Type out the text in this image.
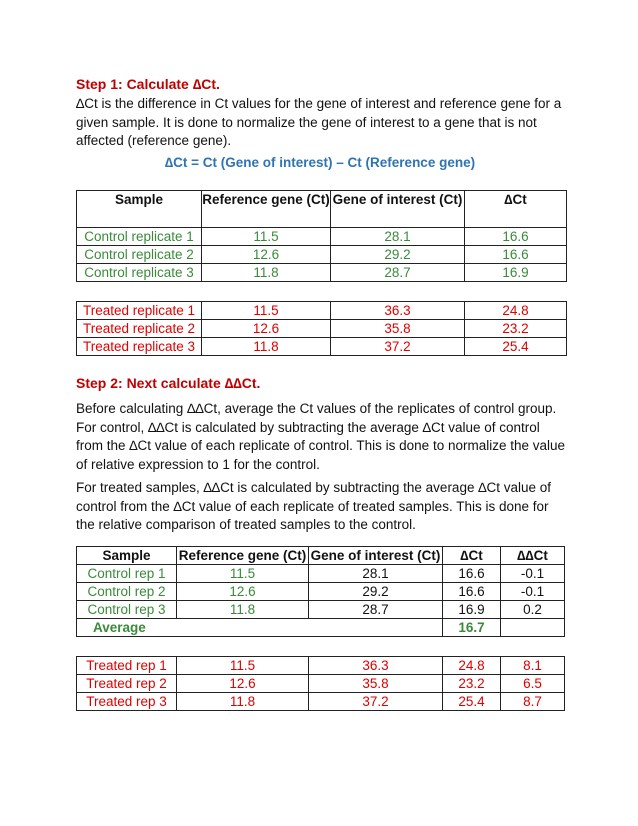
Step 1: Calculate ∆Ct.
∆Ct is the difference in Ct values for the gene of interest and reference gene for a given sample. It is done to normalize the gene of interest to a gene that is not affected (reference gene).
∆Ct = Ct (Gene of interest) – Ct (Reference gene)
Sample	Reference gene (Ct)	Gene of interest (Ct)	∆Ct
Control replicate 1	11.5	28.1	16.6
Control replicate 2	12.6	29.2	16.6
Control replicate 3	11.8	28.7	16.9
Treated replicate 1	11.5	36.3	24.8
Treated replicate 2	12.6	35.8	23.2
Treated replicate 3	11.8	37.2	25.4
Step 2: Next calculate ∆∆Ct.
Before calculating ∆∆Ct, average the Ct values of the replicates of control group. For control, ∆∆Ct is calculated by subtracting the average ∆Ct value of control from the ∆Ct value of each replicate of control. This is done to normalize the value of relative expression to 1 for the control.
For treated samples, ∆∆Ct is calculated by subtracting the average ∆Ct value of control from the ∆Ct value of each replicate of treated samples. This is done for the relative comparison of treated samples to the control.
Sample	Reference gene (Ct)	Gene of interest (Ct)	∆Ct	∆∆Ct
Control rep 1	11.5	28.1	16.6	-0.1
Control rep 2	12.6	29.2	16.6	-0.1
Control rep 3	11.8	28.7	16.9	0.2
Average			16.7	
Treated rep 1	11.5	36.3	24.8	8.1
Treated rep 2	12.6	35.8	23.2	6.5
Treated rep 3	11.8	37.2	25.4	8.7
